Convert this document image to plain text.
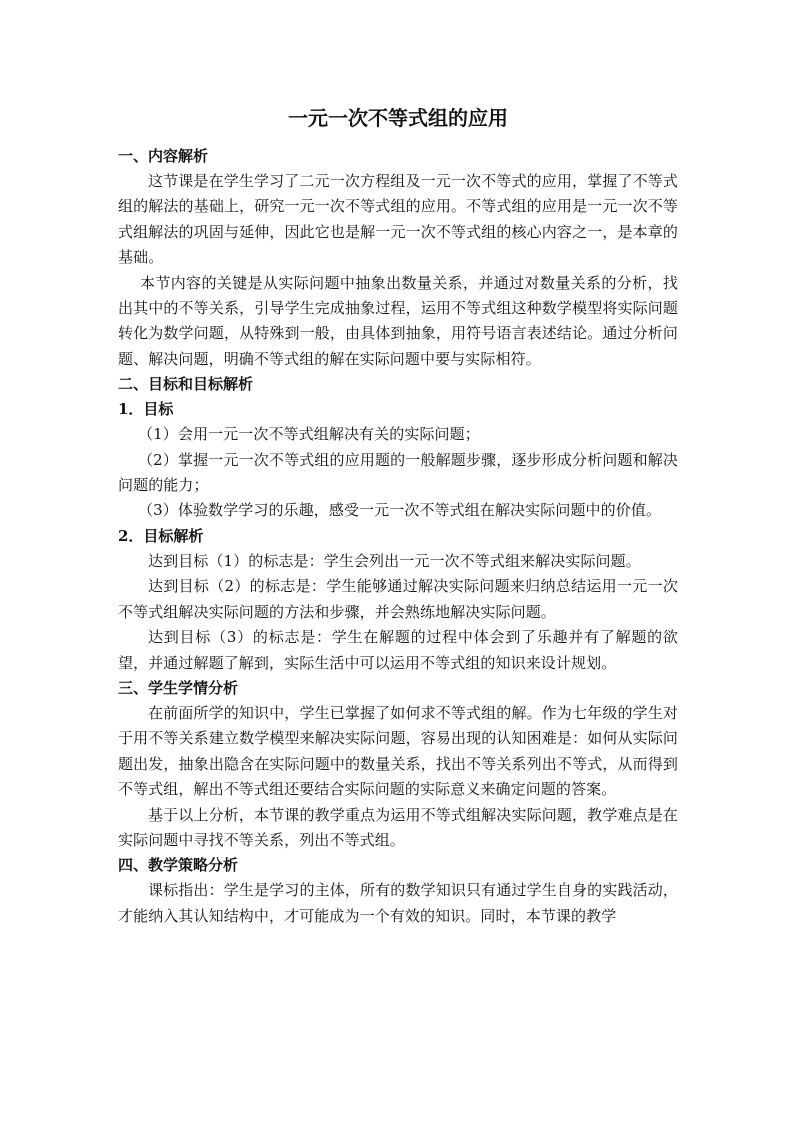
一元一次不等式组的应用
一、内容解析

这节课是在学生学习了二元一次方程组及一元一次不等式的应用，掌握了不等式组的解法的基础上，研究一元一次不等式组的应用。不等式组的应用是一元一次不等式组解法的巩固与延伸，因此它也是解一元一次不等式组的核心内容之一，是本章的基础。

本节内容的关键是从实际问题中抽象出数量关系，并通过对数量关系的分析，找出其中的不等关系，引导学生完成抽象过程，运用不等式组这种数学模型将实际问题转化为数学问题，从特殊到一般，由具体到抽象，用符号语言表述结论。通过分析问题、解决问题，明确不等式组的解在实际问题中要与实际相符。

二、目标和目标解析
1．目标

（1）会用一元一次不等式组解决有关的实际问题；

（2）掌握一元一次不等式组的应用题的一般解题步骤，逐步形成分析问题和解决问题的能力；

（3）体验数学学习的乐趣，感受一元一次不等式组在解决实际问题中的价值。

2．目标解析

达到目标（1）的标志是：学生会列出一元一次不等式组来解决实际问题。

达到目标（2）的标志是：学生能够通过解决实际问题来归纳总结运用一元一次不等式组解决实际问题的方法和步骤，并会熟练地解决实际问题。

达到目标（3）的标志是：学生在解题的过程中体会到了乐趣并有了解题的欲望，并通过解题了解到，实际生活中可以运用不等式组的知识来设计规划。

三、学生学情分析

在前面所学的知识中，学生已掌握了如何求不等式组的解。作为七年级的学生对于用不等关系建立数学模型来解决实际问题，容易出现的认知困难是：如何从实际问题出发，抽象出隐含在实际问题中的数量关系，找出不等关系列出不等式，从而得到不等式组，解出不等式组还要结合实际问题的实际意义来确定问题的答案。

基于以上分析，本节课的教学重点为运用不等式组解决实际问题，教学难点是在实际问题中寻找不等关系，列出不等式组。

四、教学策略分析

课标指出：学生是学习的主体，所有的数学知识只有通过学生自身的实践活动，才能纳入其认知结构中，才可能成为一个有效的知识。同时，本节课的教学
